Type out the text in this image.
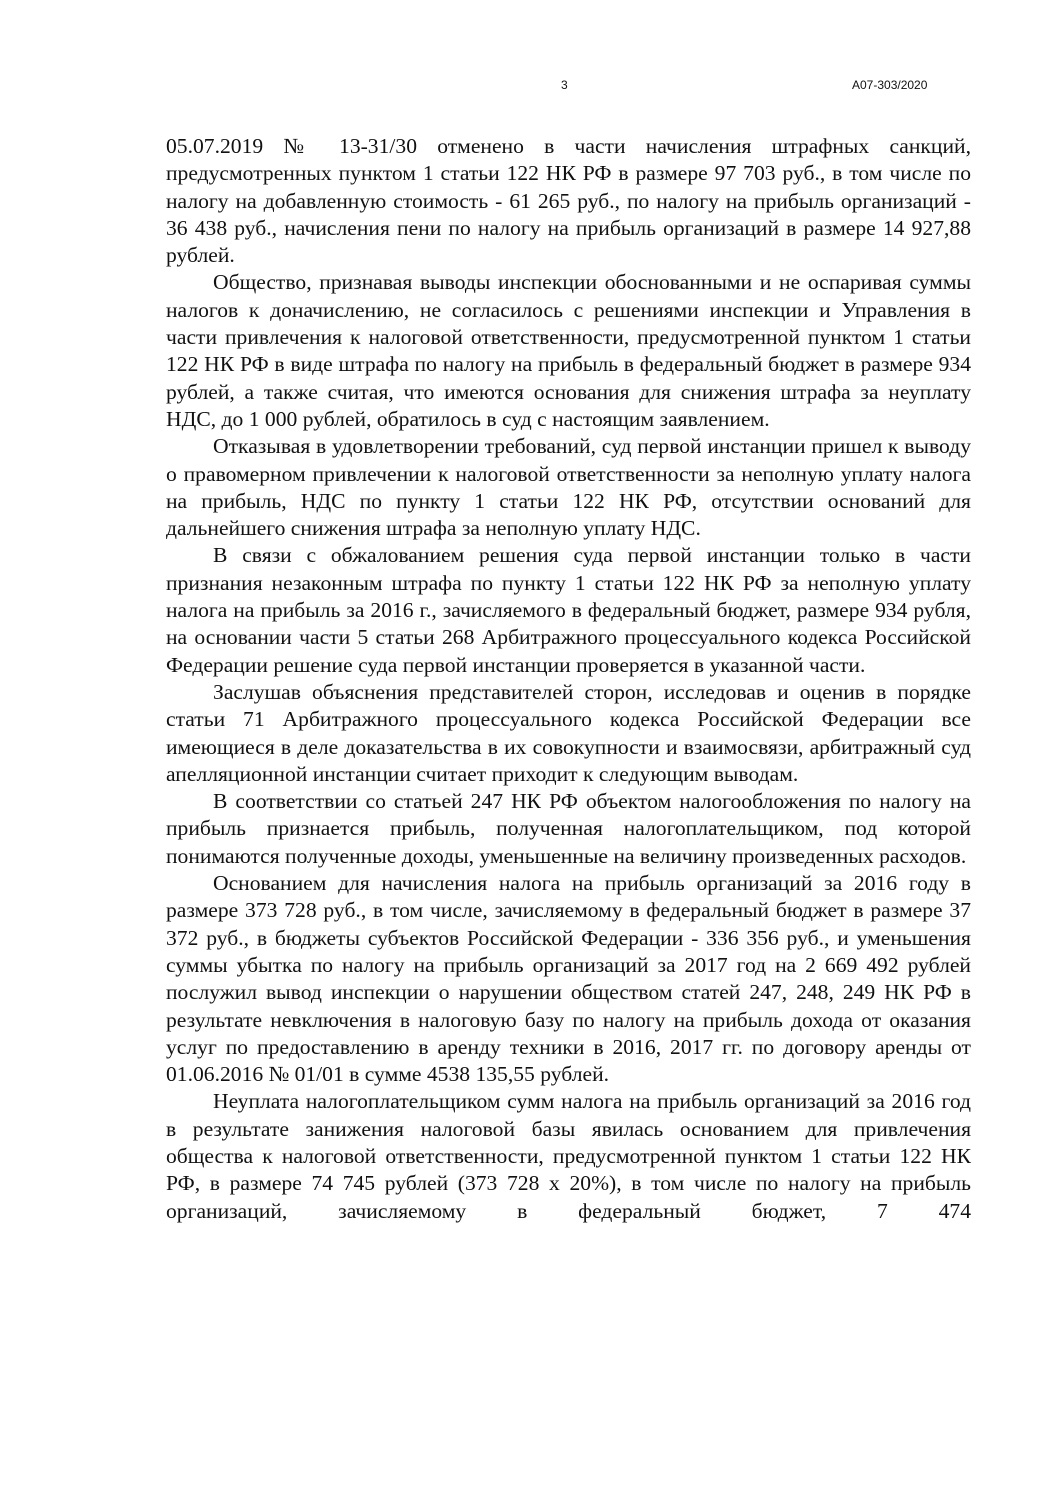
3	А07-303/2020

05.07.2019 № 13-31/30 отменено в части начисления штрафных санкций, предусмотренных пунктом 1 статьи 122 НК РФ в размере 97 703 руб., в том числе по налогу на добавленную стоимость - 61 265 руб., по налогу на прибыль организаций - 36 438 руб., начисления пени по налогу на прибыль организаций в размере 14 927,88 рублей.

Общество, признавая выводы инспекции обоснованными и не оспаривая суммы налогов к доначислению, не согласилось с решениями инспекции и Управления в части привлечения к налоговой ответственности, предусмотренной пунктом 1 статьи 122 НК РФ в виде штрафа по налогу на прибыль в федеральный бюджет в размере 934 рублей, а также считая, что имеются основания для снижения штрафа за неуплату НДС, до 1 000 рублей, обратилось в суд с настоящим заявлением.

Отказывая в удовлетворении требований, суд первой инстанции пришел к выводу о правомерном привлечении к налоговой ответственности за неполную уплату налога на прибыль, НДС по пункту 1 статьи 122 НК РФ, отсутствии оснований для дальнейшего снижения штрафа за неполную уплату НДС.

В связи с обжалованием решения суда первой инстанции только в части признания незаконным штрафа по пункту 1 статьи 122 НК РФ за неполную уплату налога на прибыль за 2016 г., зачисляемого в федеральный бюджет, размере 934 рубля, на основании части 5 статьи 268 Арбитражного процессуального кодекса Российской Федерации решение суда первой инстанции проверяется в указанной части.

Заслушав объяснения представителей сторон, исследовав и оценив в порядке статьи 71 Арбитражного процессуального кодекса Российской Федерации все имеющиеся в деле доказательства в их совокупности и взаимосвязи, арбитражный суд апелляционной инстанции считает приходит к следующим выводам.

В соответствии со статьей 247 НК РФ объектом налогообложения по налогу на прибыль признается прибыль, полученная налогоплательщиком, под которой понимаются полученные доходы, уменьшенные на величину произведенных расходов.

Основанием для начисления налога на прибыль организаций за 2016 году в размере 373 728 руб., в том числе, зачисляемому в федеральный бюджет в размере 37 372 руб., в бюджеты субъектов Российской Федерации - 336 356 руб., и уменьшения суммы убытка по налогу на прибыль организаций за 2017 год на 2 669 492 рублей послужил вывод инспекции о нарушении обществом статей 247, 248, 249 НК РФ в результате невключения в налоговую базу по налогу на прибыль дохода от оказания услуг по предоставлению в аренду техники в 2016, 2017 гг. по договору аренды от 01.06.2016 № 01/01 в сумме 4538 135,55 рублей.

Неуплата налогоплательщиком сумм налога на прибыль организаций за 2016 год в результате занижения налоговой базы явилась основанием для привлечения общества к налоговой ответственности, предусмотренной пунктом 1 статьи 122 НК РФ, в размере 74 745 рублей (373 728 х 20%), в том числе по налогу на прибыль организаций, зачисляемому в федеральный бюджет, 7 474
